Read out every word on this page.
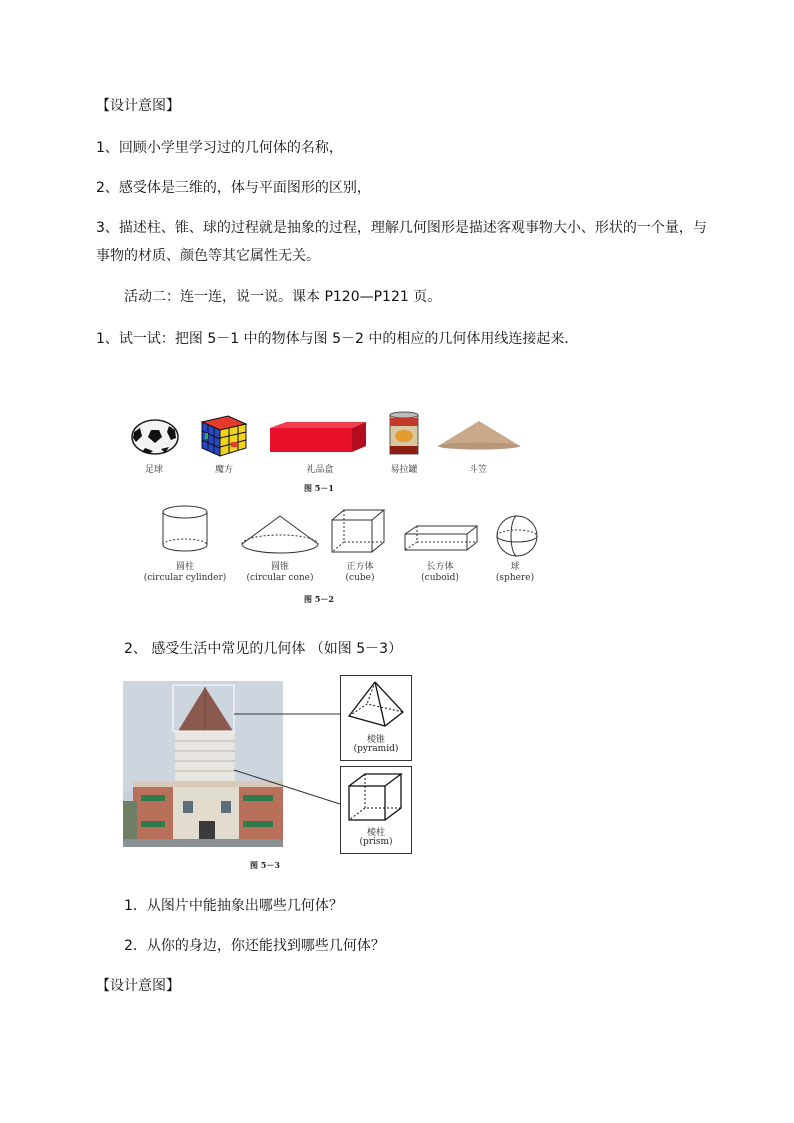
【设计意图】
1、回顾小学里学习过的几何体的名称，
2、感受体是三维的，体与平面图形的区别，
3、描述柱、锥、球的过程就是抽象的过程，理解几何图形是描述客观事物大小、形状的一个量，与
事物的材质、颜色等其它属性无关。
活动二：连一连，说一说。课本 P120—P121 页。
1、试一试：把图 5－1 中的物体与图 5－2 中的相应的几何体用线连接起来．
足球	魔方	礼品盒	易拉罐	斗笠
图 5－1
圆柱
(circular cylinder)
圆锥
(circular cone)
正方体
(cube)
长方体
(cuboid)
球
(sphere)
图 5－2
2、 感受生活中常见的几何体 （如图 5－3）
棱锥
(pyramid)
棱柱
(prism)
图 5－3
1．从图片中能抽象出哪些几何体？
2．从你的身边，你还能找到哪些几何体？
【设计意图】
